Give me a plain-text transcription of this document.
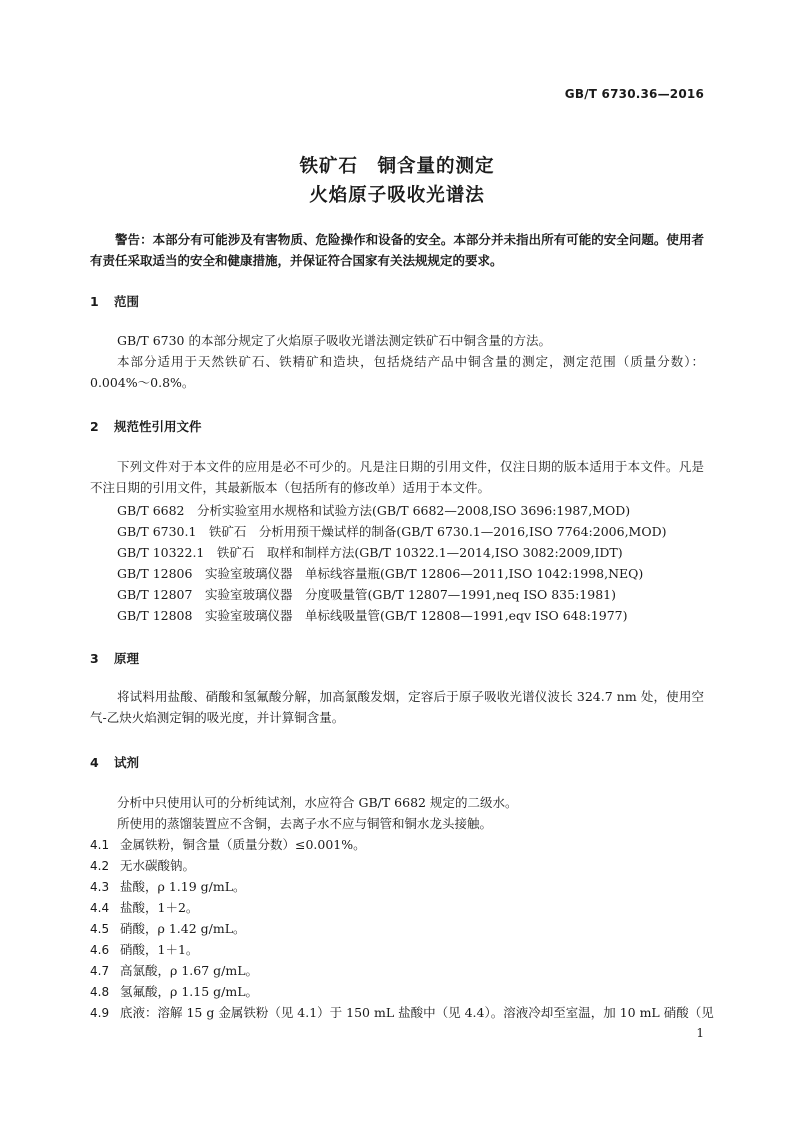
GB/T 6730.36—2016
铁矿石　铜含量的测定
火焰原子吸收光谱法
警告：本部分有可能涉及有害物质、危险操作和设备的安全。本部分并未指出所有可能的安全问题。使用者有责任采取适当的安全和健康措施，并保证符合国家有关法规规定的要求。
1 范围
GB/T 6730 的本部分规定了火焰原子吸收光谱法测定铁矿石中铜含量的方法。
本部分适用于天然铁矿石、铁精矿和造块，包括烧结产品中铜含量的测定，测定范围（质量分数）：0.004%～0.8%。
2 规范性引用文件
下列文件对于本文件的应用是必不可少的。凡是注日期的引用文件，仅注日期的版本适用于本文件。凡是不注日期的引用文件，其最新版本（包括所有的修改单）适用于本文件。
GB/T 6682　分析实验室用水规格和试验方法(GB/T 6682—2008,ISO 3696:1987,MOD)
GB/T 6730.1　铁矿石　分析用预干燥试样的制备(GB/T 6730.1—2016,ISO 7764:2006,MOD)
GB/T 10322.1　铁矿石　取样和制样方法(GB/T 10322.1—2014,ISO 3082:2009,IDT)
GB/T 12806　实验室玻璃仪器　单标线容量瓶(GB/T 12806—2011,ISO 1042:1998,NEQ)
GB/T 12807　实验室玻璃仪器　分度吸量管(GB/T 12807—1991,neq ISO 835:1981)
GB/T 12808　实验室玻璃仪器　单标线吸量管(GB/T 12808—1991,eqv ISO 648:1977)
3 原理
将试料用盐酸、硝酸和氢氟酸分解，加高氯酸发烟，定容后于原子吸收光谱仪波长 324.7 nm 处，使用空气-乙炔火焰测定铜的吸光度，并计算铜含量。
4 试剂
分析中只使用认可的分析纯试剂，水应符合 GB/T 6682 规定的二级水。
所使用的蒸馏装置应不含铜，去离子水不应与铜管和铜水龙头接触。
4.1 金属铁粉，铜含量（质量分数）≤0.001%。
4.2 无水碳酸钠。
4.3 盐酸，ρ 1.19 g/mL。
4.4 盐酸，1＋2。
4.5 硝酸，ρ 1.42 g/mL。
4.6 硝酸，1＋1。
4.7 高氯酸，ρ 1.67 g/mL。
4.8 氢氟酸，ρ 1.15 g/mL。
4.9 底液：溶解 15 g 金属铁粉（见 4.1）于 150 mL 盐酸中（见 4.4）。溶液冷却至室温，加 10 mL 硝酸（见
1
